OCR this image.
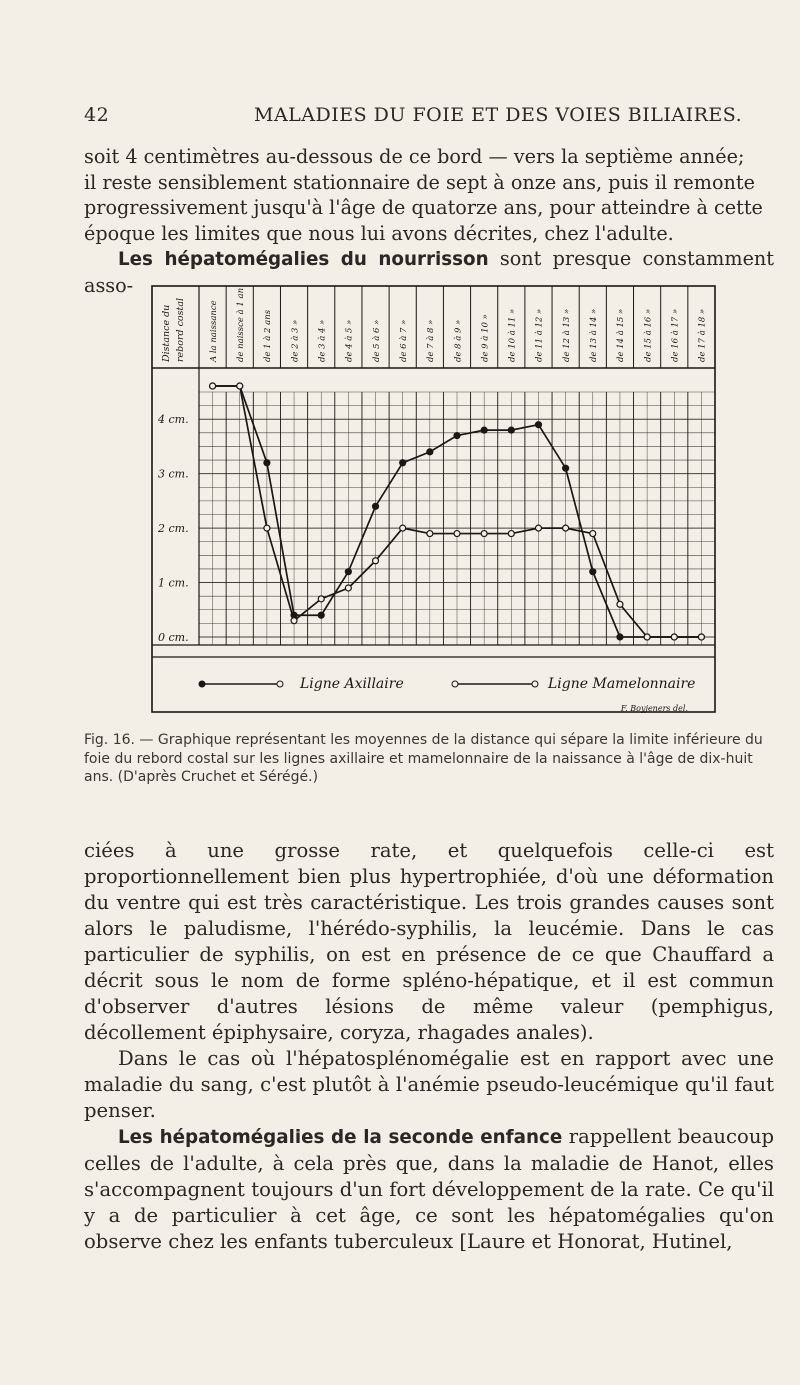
42	MALADIES DU FOIE ET DES VOIES BILIAIRES.
soit 4 centimètres au-dessous de ce bord — vers la septième année;
il reste sensiblement stationnaire de sept à onze ans, puis il remonte
progressivement jusqu'à l'âge de quatorze ans, pour atteindre à cette
époque les limites que nous lui avons décrites, chez l'adulte.
Les hépatomégalies du nourrisson sont presque constamment asso-
Distance du rebord costal	A la naissance de naissce à 1 an de 1 à 2 ans de 2 à 3 » de 3 à 4 » de 4 à 5 » de 5 à 6 » de 6 à 7 » de 7 à 8 » de 8 à 9 » de 9 à 10 » de 10 à 11 » de 11 à 12 » de 12 à 13 » de 13 à 14 » de 14 à 15 » de 15 à 16 » de 16 à 17 » de 17 à 18 »
0 cm.
1 cm.
2 cm.
3 cm.
4 cm.
Ligne Axillaire	Ligne Mamelonnaire
F. Boyjeners del.

Fig. 16. — Graphique représentant les moyennes de la distance qui sépare la limite inférieure du foie du rebord costal sur les lignes axillaire et mamelonnaire de la naissance à l'âge de dix-huit ans. (D'après Cruchet et Sérégé.)

ciées à une grosse rate, et quelquefois celle-ci est proportionnellement bien plus hypertrophiée, d'où une déformation du ventre qui est très caractéristique. Les trois grandes causes sont alors le paludisme, l'hérédo-syphilis, la leucémie. Dans le cas particulier de syphilis, on est en présence de ce que Chauffard a décrit sous le nom de forme spléno-hépatique, et il est commun d'observer d'autres lésions de même valeur (pemphigus, décollement épiphysaire, coryza, rhagades anales).
Dans le cas où l'hépatosplénomégalie est en rapport avec une maladie du sang, c'est plutôt à l'anémie pseudo-leucémique qu'il faut penser.
Les hépatomégalies de la seconde enfance rappellent beaucoup celles de l'adulte, à cela près que, dans la maladie de Hanot, elles s'accompagnent toujours d'un fort développement de la rate. Ce qu'il y a de particulier à cet âge, ce sont les hépatomégalies qu'on observe chez les enfants tuberculeux [Laure et Honorat, Hutinel,
